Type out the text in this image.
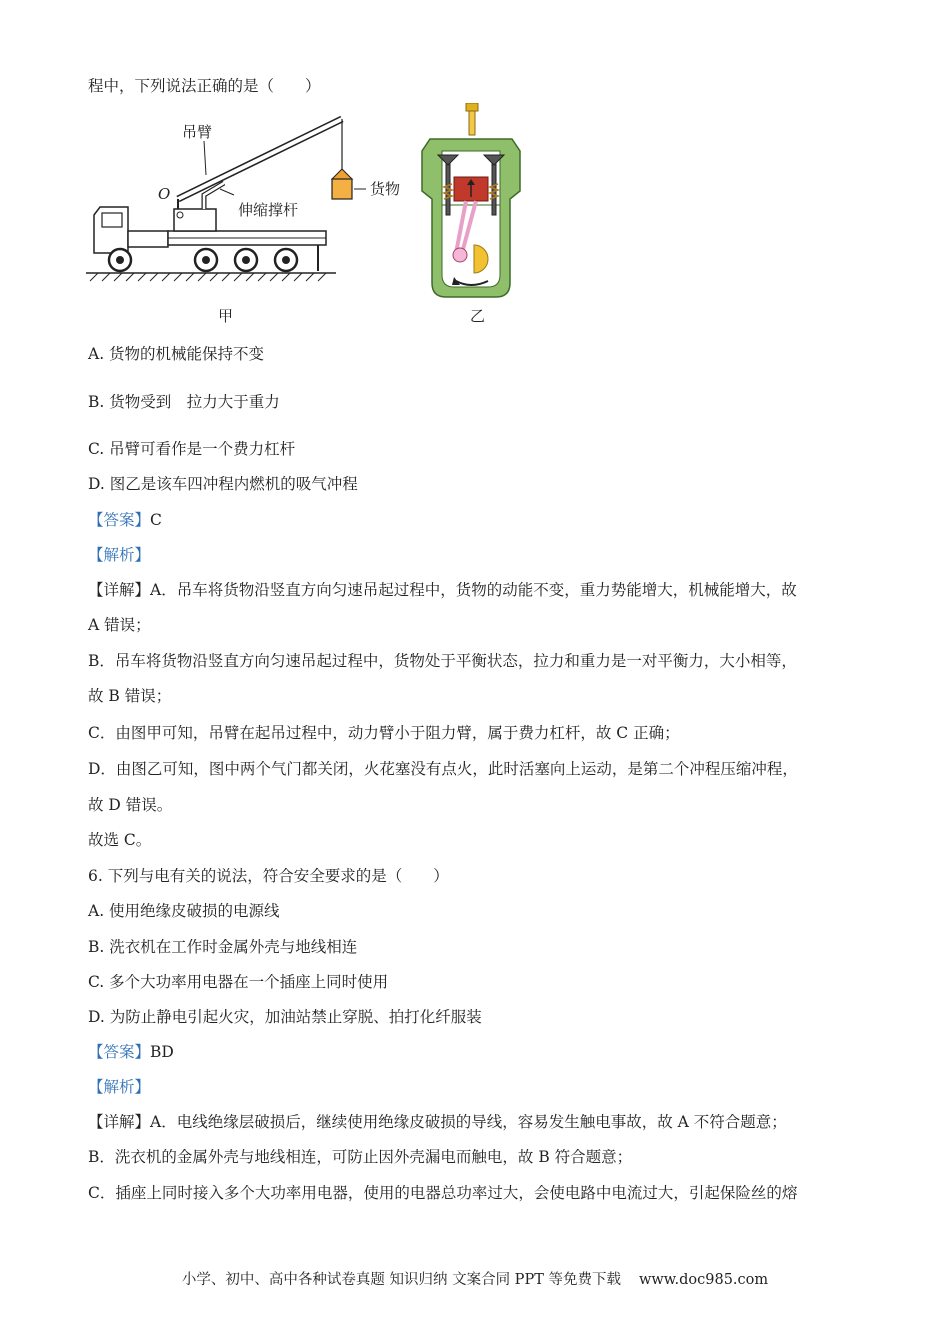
程中，下列说法正确的是（　　）
吊臂
O
伸缩撑杆
货物
甲	乙
A. 货物的机械能保持不变
B. 货物受到　拉力大于重力
C. 吊臂可看作是一个费力杠杆
D. 图乙是该车四冲程内燃机的吸气冲程
【答案】C
【解析】
【详解】A．吊车将货物沿竖直方向匀速吊起过程中，货物的动能不变，重力势能增大，机械能增大，故
A 错误；
B．吊车将货物沿竖直方向匀速吊起过程中，货物处于平衡状态，拉力和重力是一对平衡力，大小相等，
故 B 错误；
C．由图甲可知，吊臂在起吊过程中，动力臂小于阻力臂，属于费力杠杆，故 C 正确；
D．由图乙可知，图中两个气门都关闭，火花塞没有点火，此时活塞向上运动，是第二个冲程压缩冲程，
故 D 错误。
故选 C。
6. 下列与电有关的说法，符合安全要求的是（　　）
A. 使用绝缘皮破损的电源线
B. 洗衣机在工作时金属外壳与地线相连
C. 多个大功率用电器在一个插座上同时使用
D. 为防止静电引起火灾，加油站禁止穿脱、拍打化纤服装
【答案】BD
【解析】
【详解】A．电线绝缘层破损后，继续使用绝缘皮破损的导线，容易发生触电事故，故 A 不符合题意；
B．洗衣机的金属外壳与地线相连，可防止因外壳漏电而触电，故 B 符合题意；
C．插座上同时接入多个大功率用电器，使用的电器总功率过大，会使电路中电流过大，引起保险丝的熔
小学、初中、高中各种试卷真题 知识归纳 文案合同 PPT 等免费下载 www.doc985.com
